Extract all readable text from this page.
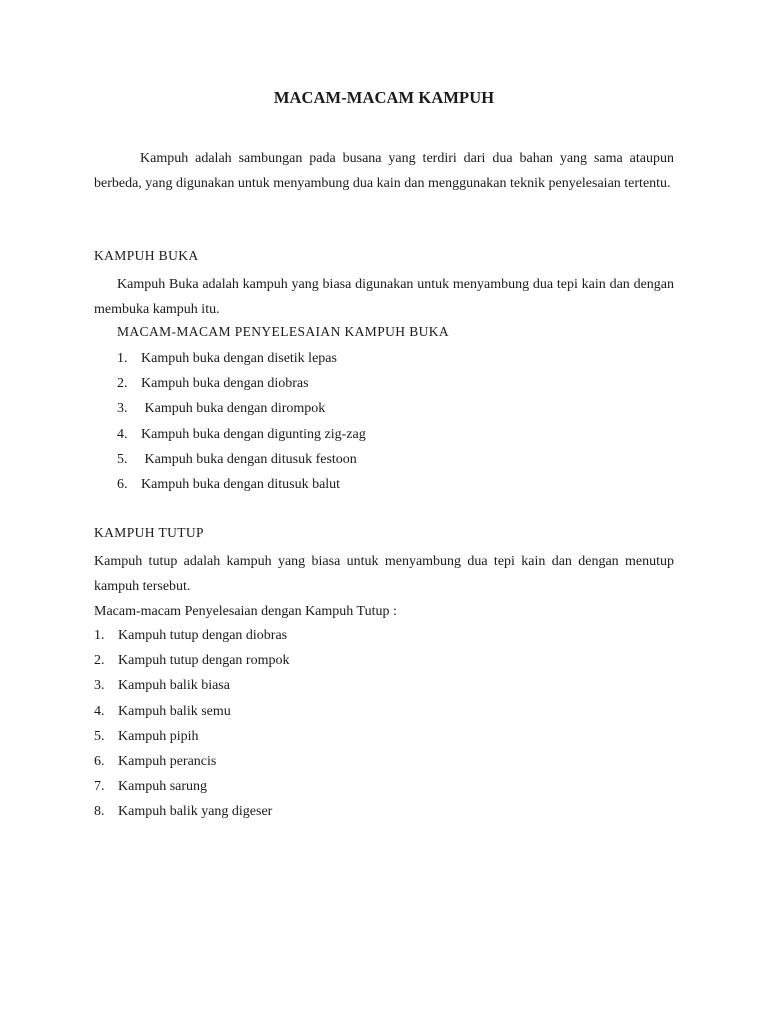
MACAM-MACAM KAMPUH

Kampuh adalah sambungan pada busana yang terdiri dari dua bahan yang sama ataupun berbeda, yang digunakan untuk menyambung dua kain dan menggunakan teknik penyelesaian tertentu.

KAMPUH BUKA

Kampuh Buka adalah kampuh yang biasa digunakan untuk menyambung dua tepi kain dan dengan membuka kampuh itu.

MACAM-MACAM PENYELESAIAN KAMPUH BUKA
1. Kampuh buka dengan disetik lepas
2. Kampuh buka dengan diobras
3. Kampuh buka dengan dirompok
4. Kampuh buka dengan digunting zig-zag
5. Kampuh buka dengan ditusuk festoon
6. Kampuh buka dengan ditusuk balut
KAMPUH TUTUP

Kampuh tutup adalah kampuh yang biasa untuk menyambung dua tepi kain dan dengan menutup kampuh tersebut.

Macam-macam Penyelesaian dengan Kampuh Tutup :

1. Kampuh tutup dengan diobras
2. Kampuh tutup dengan rompok
3. Kampuh balik biasa
4. Kampuh balik semu
5. Kampuh pipih
6. Kampuh perancis
7. Kampuh sarung
8. Kampuh balik yang digeser
